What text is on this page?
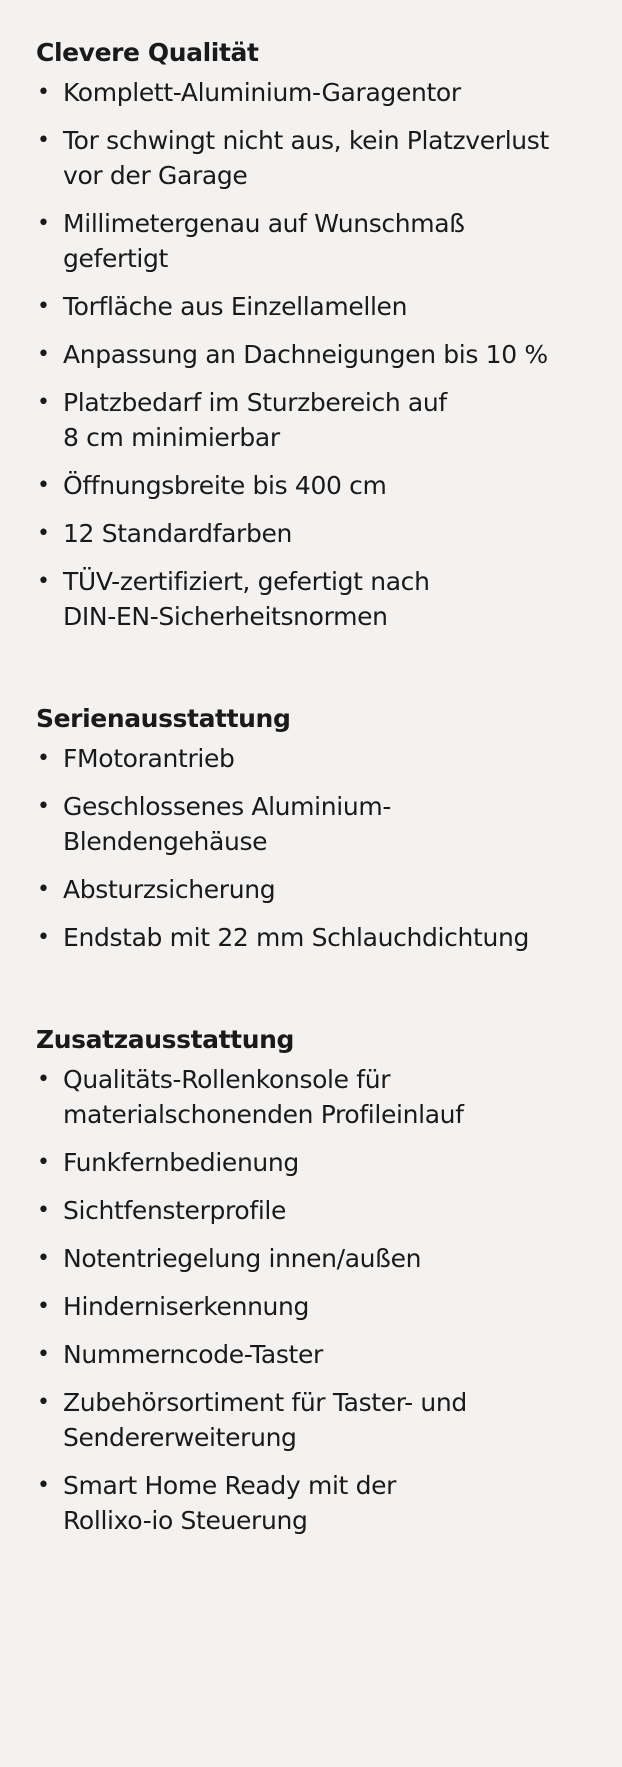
Clevere Qualität
• Komplett-Aluminium-Garagentor
• Tor schwingt nicht aus, kein Platzverlust
vor der Garage
• Millimetergenau auf Wunschmaß
gefertigt
• Torfläche aus Einzellamellen
• Anpassung an Dachneigungen bis 10 %
• Platzbedarf im Sturzbereich auf
8 cm minimierbar
• Öffnungsbreite bis 400 cm
• 12 Standardfarben
• TÜV-zertifiziert, gefertigt nach
DIN-EN-Sicherheitsnormen
Serienausstattung
• FMotorantrieb
• Geschlossenes Aluminium-
Blendengehäuse
• Absturzsicherung
• Endstab mit 22 mm Schlauchdichtung
Zusatzausstattung
• Qualitäts-Rollenkonsole für
materialschonenden Profileinlauf
• Funkfernbedienung
• Sichtfensterprofile
• Notentriegelung innen/außen
• Hinderniserkennung
• Nummerncode-Taster
• Zubehörsortiment für Taster- und
Sendererweiterung
• Smart Home Ready mit der
Rollixo-io Steuerung
